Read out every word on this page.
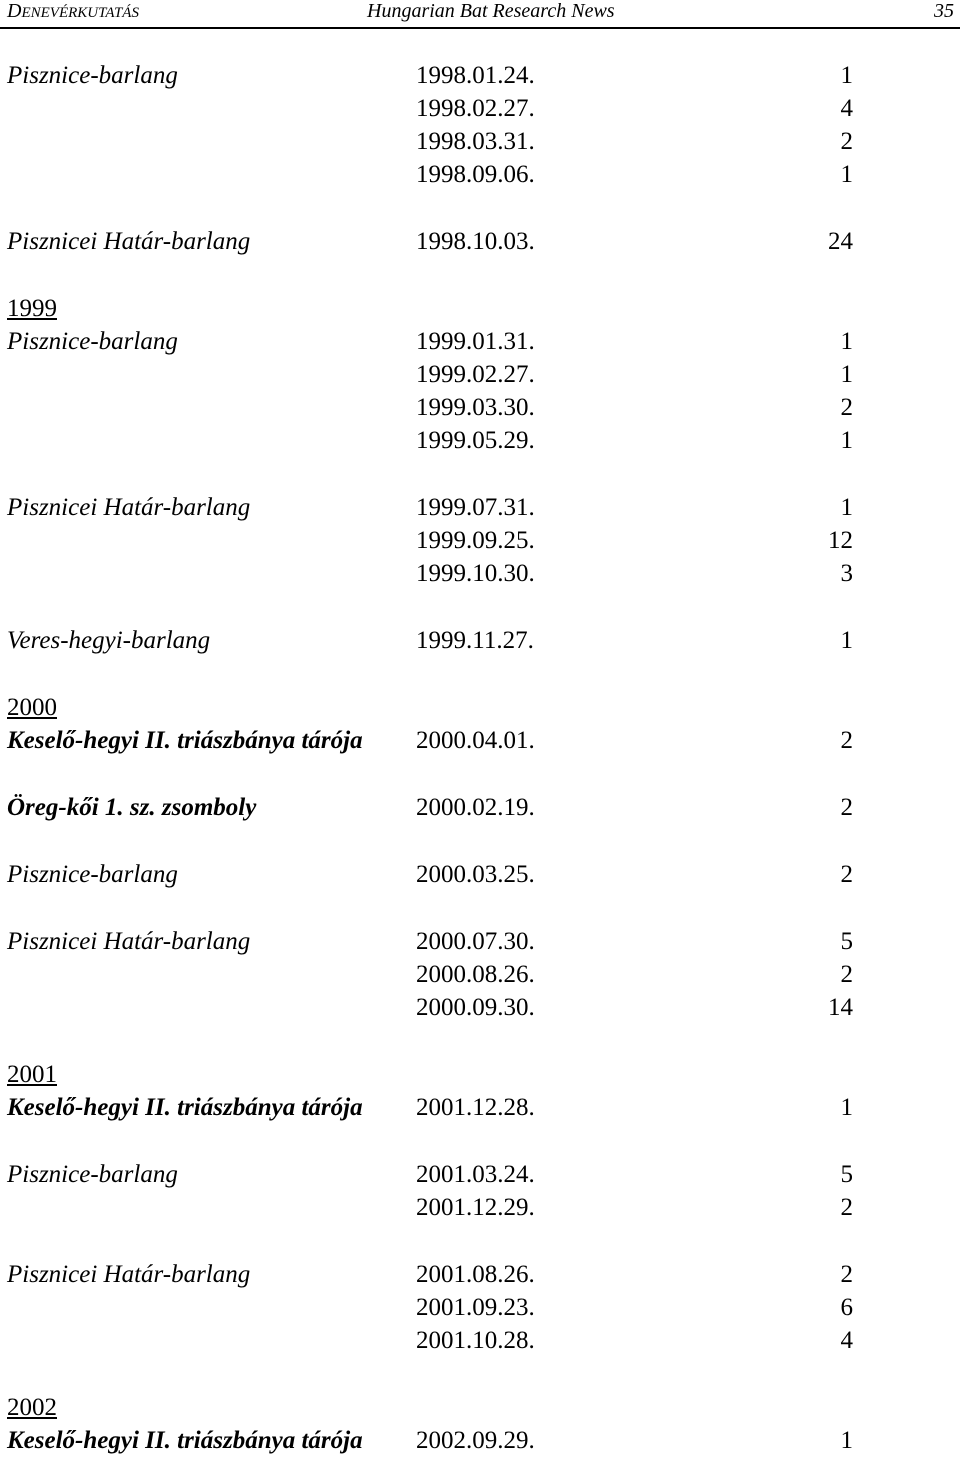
DENEVÉRKUTATÁS	Hungarian Bat Research News	35
Pisznice-barlang	1998.01.24.	1
1998.02.27.	4
1998.03.31.	2
1998.09.06.	1
Pisznicei Határ-barlang	1998.10.03.	24
1999
Pisznice-barlang	1999.01.31.	1
1999.02.27.	1
1999.03.30.	2
1999.05.29.	1
Pisznicei Határ-barlang	1999.07.31.	1
1999.09.25.	12
1999.10.30.	3
Veres-hegyi-barlang	1999.11.27.	1
2000
Keselő-hegyi II. triászbánya tárója 2000.04.01.	2
Öreg-kői 1. sz. zsomboly	2000.02.19.	2
Pisznice-barlang	2000.03.25.	2
Pisznicei Határ-barlang	2000.07.30.	5
2000.08.26.	2
2000.09.30.	14
2001
Keselő-hegyi II. triászbánya tárója 2001.12.28.	1
Pisznice-barlang	2001.03.24.	5
2001.12.29.	2
Pisznicei Határ-barlang	2001.08.26.	2
2001.09.23.	6
2001.10.28.	4
2002
Keselő-hegyi II. triászbánya tárója 2002.09.29.	1
